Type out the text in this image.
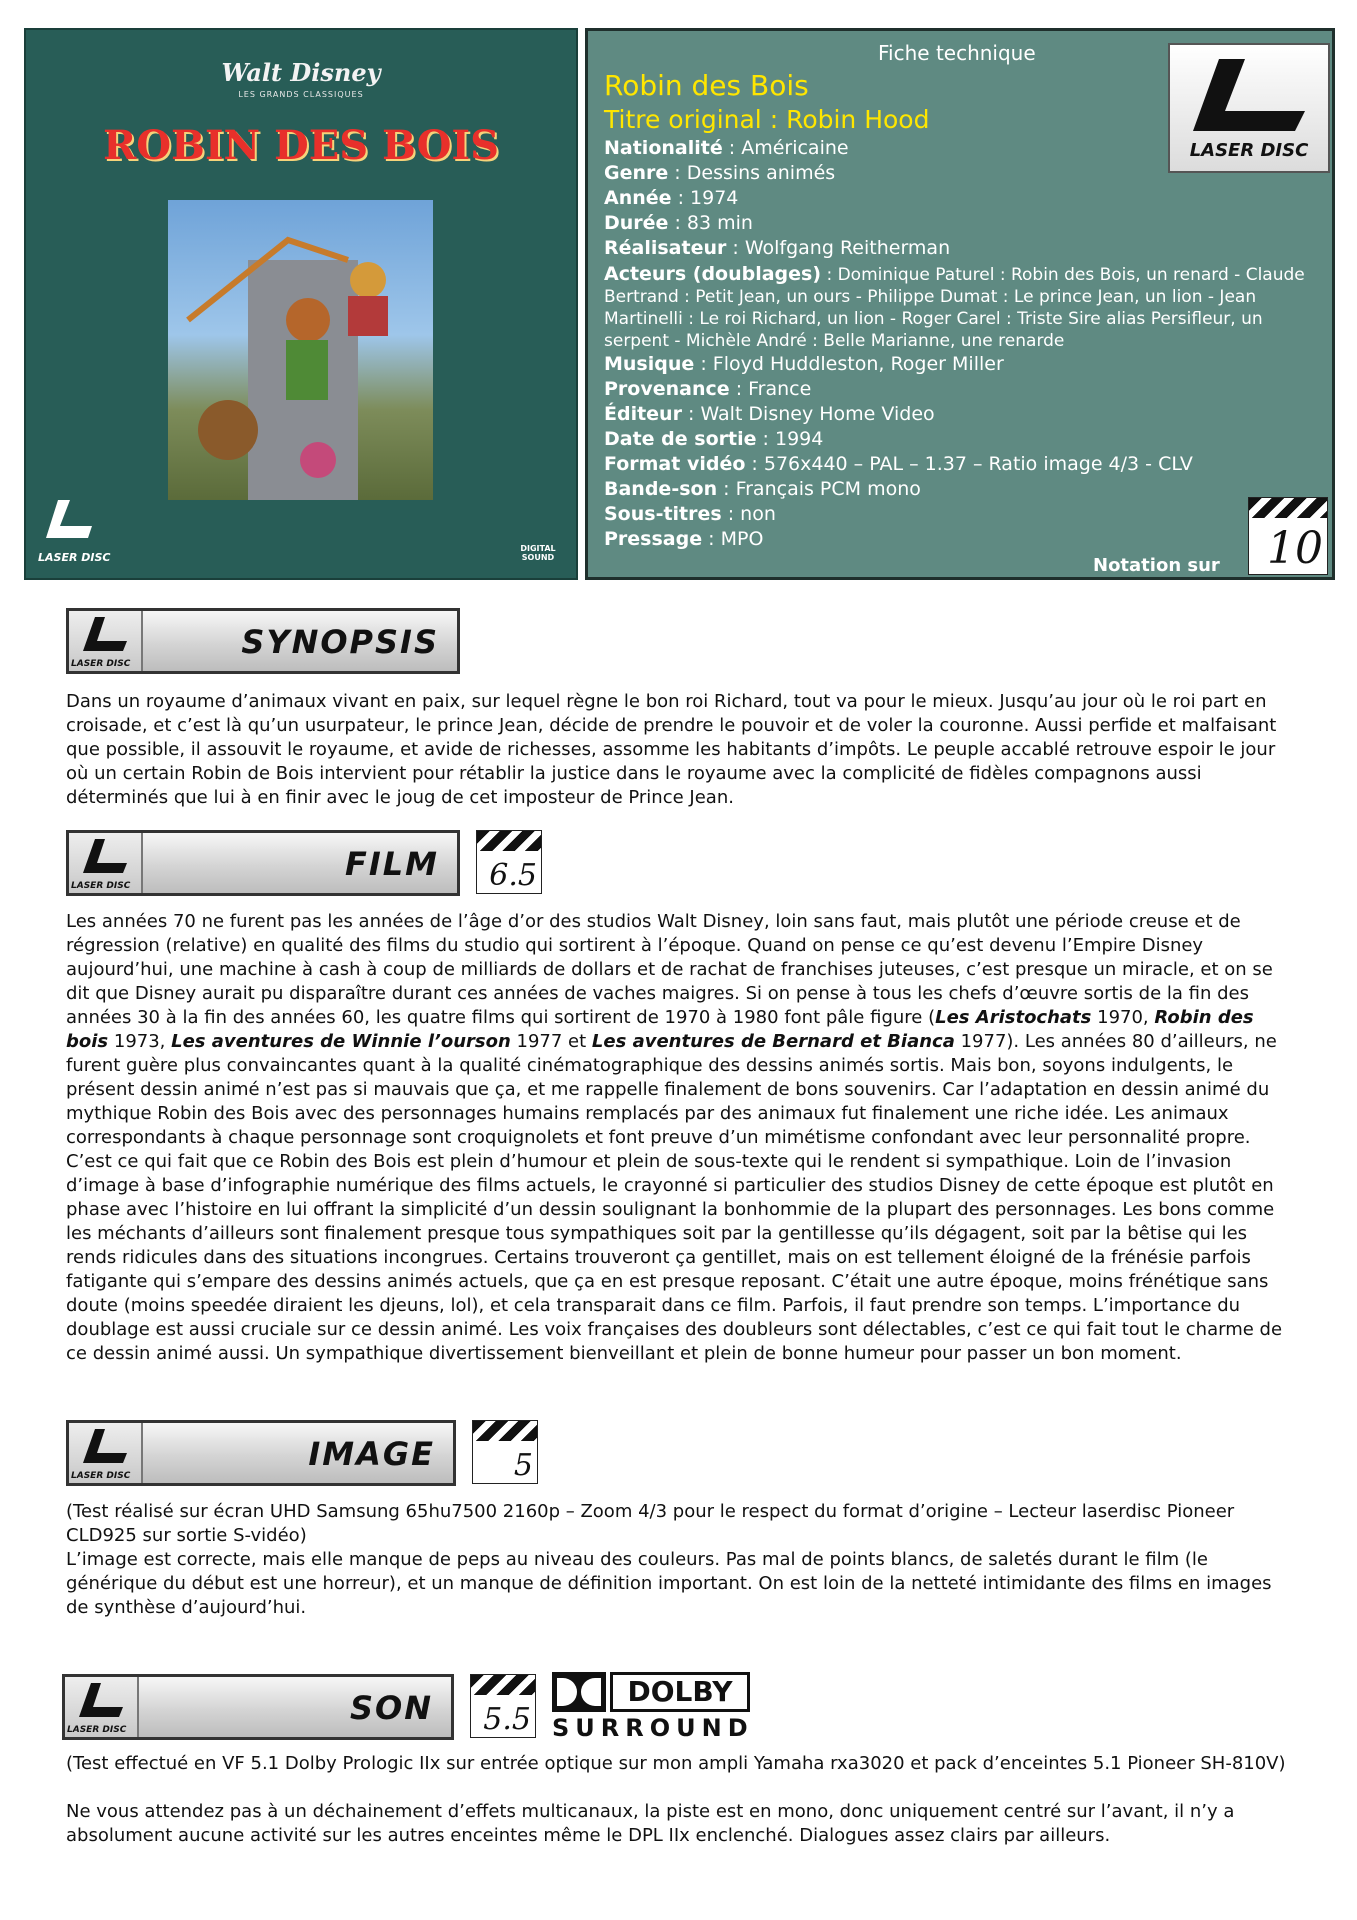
Walt Disney
LES GRANDS CLASSIQUES
ROBIN DES BOIS
LASER DISC
DIGITAL SOUND
Fiche technique
Robin des Bois
Titre original : Robin Hood
LASER DISC
Nationalité : Américaine
Genre : Dessins animés
Année : 1974
Durée : 83 min
Réalisateur : Wolfgang Reitherman
Acteurs (doublages) : Dominique Paturel : Robin des Bois, un renard - Claude Bertrand : Petit Jean, un ours - Philippe Dumat : Le prince Jean, un lion - Jean Martinelli : Le roi Richard, un lion - Roger Carel : Triste Sire alias Persifleur, un serpent - Michèle André : Belle Marianne, une renarde
Musique : Floyd Huddleston, Roger Miller
Provenance : France
Éditeur : Walt Disney Home Video
Date de sortie : 1994
Format vidéo : 576x440 – PAL – 1.37 – Ratio image 4/3 - CLV
Bande-son : Français PCM mono
Sous-titres : non
Pressage : MPO
Notation sur 10
LASER DISC
SYNOPSIS
Dans un royaume d’animaux vivant en paix, sur lequel règne le bon roi Richard, tout va pour le mieux. Jusqu’au jour où le roi part en croisade, et c’est là qu’un usurpateur, le prince Jean, décide de prendre le pouvoir et de voler la couronne. Aussi perfide et malfaisant que possible, il assouvit le royaume, et avide de richesses, assomme les habitants d’impôts. Le peuple accablé retrouve espoir le jour où un certain Robin de Bois intervient pour rétablir la justice dans le royaume avec la complicité de fidèles compagnons aussi déterminés que lui à en finir avec le joug de cet imposteur de Prince Jean.
LASER DISC
FILM 6.5
Les années 70 ne furent pas les années de l’âge d’or des studios Walt Disney, loin sans faut, mais plutôt une période creuse et de régression (relative) en qualité des films du studio qui sortirent à l’époque. Quand on pense ce qu’est devenu l’Empire Disney aujourd’hui, une machine à cash à coup de milliards de dollars et de rachat de franchises juteuses, c’est presque un miracle, et on se dit que Disney aurait pu disparaître durant ces années de vaches maigres. Si on pense à tous les chefs d’œuvre sortis de la fin des années 30 à la fin des années 60, les quatre films qui sortirent de 1970 à 1980 font pâle figure (Les Aristochats 1970, Robin des bois 1973, Les aventures de Winnie l’ourson 1977 et Les aventures de Bernard et Bianca 1977). Les années 80 d’ailleurs, ne furent guère plus convaincantes quant à la qualité cinématographique des dessins animés sortis. Mais bon, soyons indulgents, le présent dessin animé n’est pas si mauvais que ça, et me rappelle finalement de bons souvenirs. Car l’adaptation en dessin animé du mythique Robin des Bois avec des personnages humains remplacés par des animaux fut finalement une riche idée. Les animaux correspondants à chaque personnage sont croquignolets et font preuve d’un mimétisme confondant avec leur personnalité propre. C’est ce qui fait que ce Robin des Bois est plein d’humour et plein de sous-texte qui le rendent si sympathique. Loin de l’invasion d’image à base d’infographie numérique des films actuels, le crayonné si particulier des studios Disney de cette époque est plutôt en phase avec l’histoire en lui offrant la simplicité d’un dessin soulignant la bonhommie de la plupart des personnages. Les bons comme les méchants d’ailleurs sont finalement presque tous sympathiques soit par la gentillesse qu’ils dégagent, soit par la bêtise qui les rends ridicules dans des situations incongrues. Certains trouveront ça gentillet, mais on est tellement éloigné de la frénésie parfois fatigante qui s’empare des dessins animés actuels, que ça en est presque reposant. C’était une autre époque, moins frénétique sans doute (moins speedée diraient les djeuns, lol), et cela transparait dans ce film. Parfois, il faut prendre son temps. L’importance du doublage est aussi cruciale sur ce dessin animé. Les voix françaises des doubleurs sont délectables, c’est ce qui fait tout le charme de ce dessin animé aussi. Un sympathique divertissement bienveillant et plein de bonne humeur pour passer un bon moment.
LASER DISC
IMAGE	5
(Test réalisé sur écran UHD Samsung 65hu7500 2160p – Zoom 4/3 pour le respect du format d’origine – Lecteur laserdisc Pioneer CLD925 sur sortie S-vidéo)
L’image est correcte, mais elle manque de peps au niveau des couleurs. Pas mal de points blancs, de saletés durant le film (le générique du début est une horreur), et un manque de définition important. On est loin de la netteté intimidante des films en images de synthèse d’aujourd’hui.
LASER DISC
SON 5.5
DOLBY
SURROUND
(Test effectué en VF 5.1 Dolby Prologic IIx sur entrée optique sur mon ampli Yamaha rxa3020 et pack d’enceintes 5.1 Pioneer SH-810V)
Ne vous attendez pas à un déchainement d’effets multicanaux, la piste est en mono, donc uniquement centré sur l’avant, il n’y a absolument aucune activité sur les autres enceintes même le DPL IIx enclenché. Dialogues assez clairs par ailleurs.
